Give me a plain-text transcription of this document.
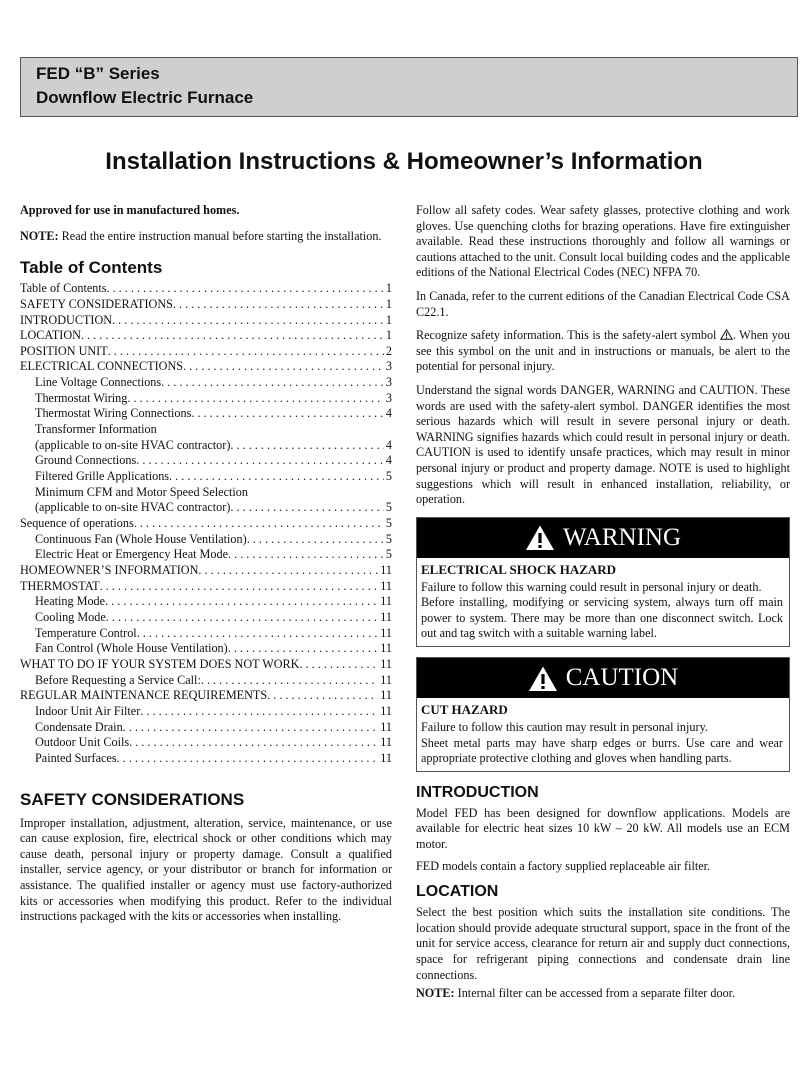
FED “B” Series
Downflow Electric Furnace
Installation Instructions & Homeowner’s Information

Approved for use in manufactured homes.

NOTE: Read the entire instruction manual before starting the installation.

Table of Contents
Table of Contents . . .	1
SAFETY CONSIDERATIONS . . .	1
INTRODUCTION . . .	1
LOCATION . . .	1
POSITION UNIT . . .	2
ELECTRICAL CONNECTIONS . . .	3
Line Voltage Connections . . .	3
Thermostat Wiring . . .	3
Thermostat Wiring Connections . . .	4
Transformer Information
(applicable to on-site HVAC contractor) . . .	4
Ground Connections . . .	4
Filtered Grille Applications . . .	5
Minimum CFM and Motor Speed Selection
(applicable to on-site HVAC contractor) . . .	5
Sequence of operations . . .	5
Continuous Fan (Whole House Ventilation) . . .	5
Electric Heat or Emergency Heat Mode . . .	5
HOMEOWNER’S INFORMATION . . .	11
THERMOSTAT . . .	11
Heating Mode . . .	11
Cooling Mode . . .	11
Temperature Control . . .	11
Fan Control (Whole House Ventilation) . . .	11
WHAT TO DO IF YOUR SYSTEM DOES NOT WORK . . .	11
Before Requesting a Service Call: . . .	11
REGULAR MAINTENANCE REQUIREMENTS . . .	11
Indoor Unit Air Filter . . .	11
Condensate Drain . . .	11
Outdoor Unit Coils . . .	11
Painted Surfaces . . .	11
SAFETY CONSIDERATIONS

Improper installation, adjustment, alteration, service, maintenance, or use can cause explosion, fire, electrical shock or other conditions which may cause death, personal injury or property damage. Consult a qualified installer, service agency, or your distributor or branch for information or assistance. The qualified installer or agency must use factory-authorized kits or accessories when modifying this product. Refer to the individual instructions packaged with the kits or accessories when installing.

Follow all safety codes. Wear safety glasses, protective clothing and work gloves. Use quenching cloths for brazing operations. Have fire extinguisher available. Read these instructions thoroughly and follow all warnings or cautions attached to the unit. Consult local building codes and the applicable editions of the National Electrical Codes (NEC) NFPA 70.

In Canada, refer to the current editions of the Canadian Electrical Code CSA C22.1.

Recognize safety information. This is the safety-alert symbol . When you see this symbol on the unit and in instructions or manuals, be alert to the potential for personal injury.

Understand the signal words DANGER, WARNING and CAUTION. These words are used with the safety-alert symbol. DANGER identifies the most serious hazards which will result in severe personal injury or death. WARNING signifies hazards which could result in personal injury or death. CAUTION is used to identify unsafe practices, which may result in minor personal injury or product and property damage. NOTE is used to highlight suggestions which will result in enhanced installation, reliability, or operation.

WARNING

ELECTRICAL SHOCK HAZARD

Failure to follow this warning could result in personal injury or death.

Before installing, modifying or servicing system, always turn off main power to system. There may be more than one disconnect switch. Lock out and tag switch with a suitable warning label.

CAUTION

CUT HAZARD

Failure to follow this caution may result in personal injury.

Sheet metal parts may have sharp edges or burrs. Use care and wear appropriate protective clothing and gloves when handling parts.

INTRODUCTION

Model FED has been designed for downflow applications. Models are available for electric heat sizes 10 kW – 20 kW. All models use an ECM motor.

FED models contain a factory supplied replaceable air filter.

LOCATION

Select the best position which suits the installation site conditions. The location should provide adequate structural support, space in the front of the unit for service access, clearance for return air and supply duct connections, space for refrigerant piping connections and condensate drain line connections.

NOTE: Internal filter can be accessed from a separate filter door.
